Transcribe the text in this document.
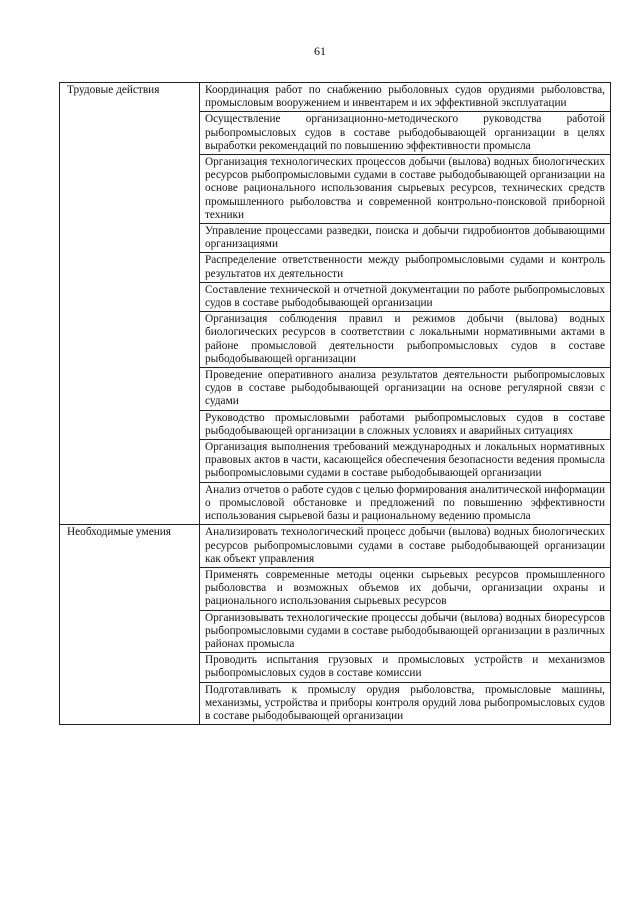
61
Трудовые действия	Координация работ по снабжению рыболовных судов орудиями рыболовства, промысловым вооружением и инвентарем и их эффективной эксплуатации
	Осуществление организационно-методического руководства работой рыбопромысловых судов в составе рыбодобывающей организации в целях выработки рекомендаций по повышению эффективности промысла
	Организация технологических процессов добычи (вылова) водных биологических ресурсов рыбопромысловыми судами в составе рыбодобывающей организации на основе рационального использования сырьевых ресурсов, технических средств промышленного рыболовства и современной контрольно-поисковой приборной техники
	Управление процессами разведки, поиска и добычи гидробионтов добывающими организациями
	Распределение ответственности между рыбопромысловыми судами и контроль результатов их деятельности
	Составление технической и отчетной документации по работе рыбопромысловых судов в составе рыбодобывающей организации
	Организация соблюдения правил и режимов добычи (вылова) водных биологических ресурсов в соответствии с локальными нормативными актами в районе промысловой деятельности рыбопромысловых судов в составе рыбодобывающей организации
	Проведение оперативного анализа результатов деятельности рыбопромысловых судов в составе рыбодобывающей организации на основе регулярной связи с судами
	Руководство промысловыми работами рыбопромысловых судов в составе рыбодобывающей организации в сложных условиях и аварийных ситуациях
	Организация выполнения требований международных и локальных нормативных правовых актов в части, касающейся обеспечения безопасности ведения промысла рыбопромысловыми судами в составе рыбодобывающей организации
	Анализ отчетов о работе судов с целью формирования аналитической информации о промысловой обстановке и предложений по повышению эффективности использования сырьевой базы и рациональному ведению промысла
Необходимые умения	Анализировать технологический процесс добычи (вылова) водных биологических ресурсов рыбопромысловыми судами в составе рыбодобывающей организации как объект управления
	Применять современные методы оценки сырьевых ресурсов промышленного рыболовства и возможных объемов их добычи, организации охраны и рационального использования сырьевых ресурсов
	Организовывать технологические процессы добычи (вылова) водных биоресурсов рыбопромысловыми судами в составе рыбодобывающей организации в различных районах промысла
	Проводить испытания грузовых и промысловых устройств и механизмов рыбопромысловых судов в составе комиссии
	Подготавливать к промыслу орудия рыболовства, промысловые машины, механизмы, устройства и приборы контроля орудий лова рыбопромысловых судов в составе рыбодобывающей организации
